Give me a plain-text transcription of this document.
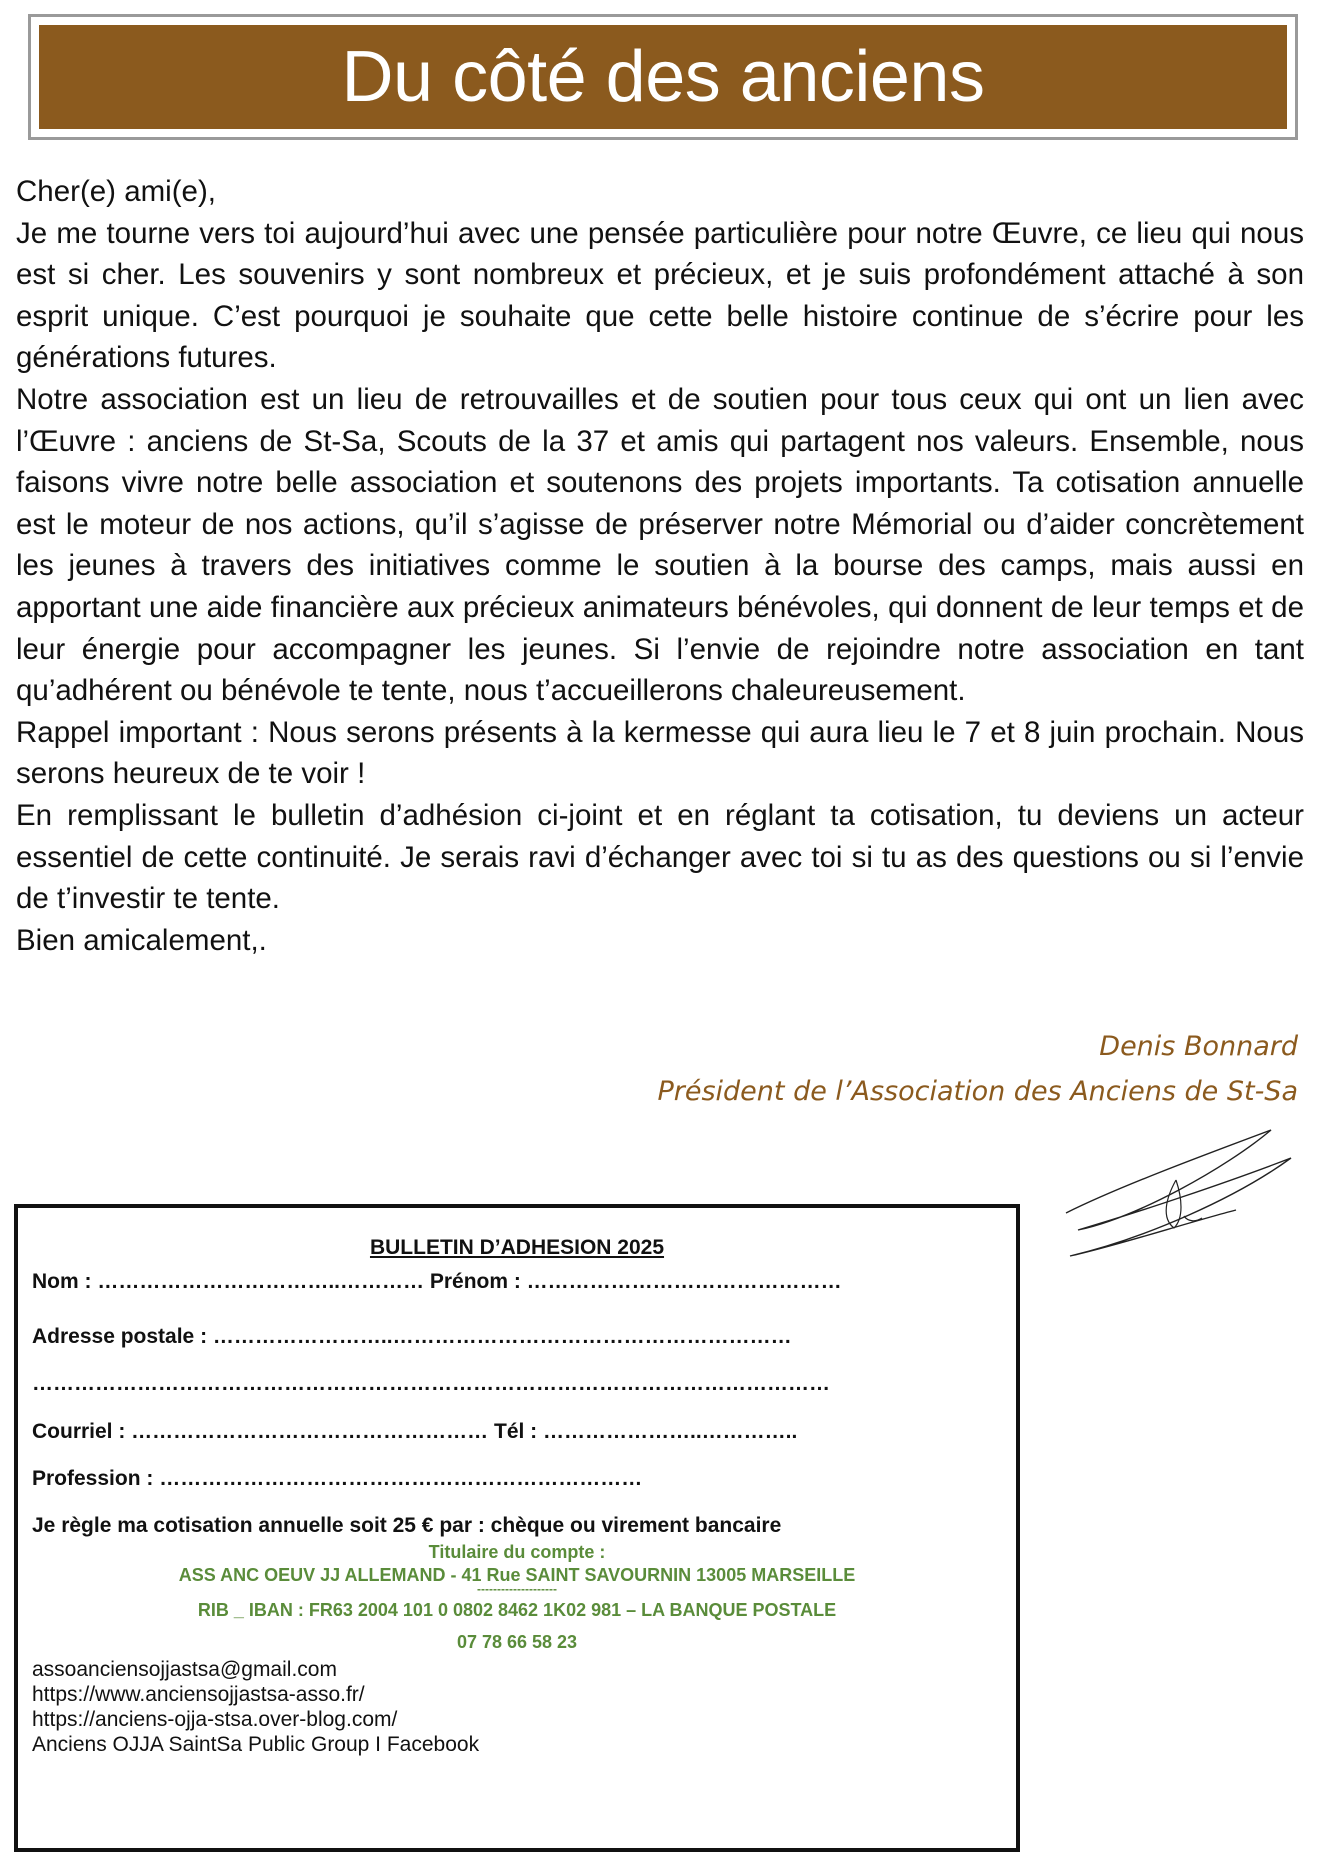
Du côté des anciens

Cher(e) ami(e),

Je me tourne vers toi aujourd’hui avec une pensée particulière pour notre Œuvre, ce lieu qui nous est si cher. Les souvenirs y sont nombreux et précieux, et je suis profondément attaché à son esprit unique. C’est pourquoi je souhaite que cette belle histoire continue de s’écrire pour les générations futures.

Notre association est un lieu de retrouvailles et de soutien pour tous ceux qui ont un lien avec l’Œuvre : anciens de St-Sa, Scouts de la 37 et amis qui partagent nos valeurs. Ensemble, nous faisons vivre notre belle association et soutenons des projets importants. Ta cotisation annuelle est le moteur de nos actions, qu’il s’agisse de préserver notre Mémorial ou d’aider concrètement les jeunes à travers des initiatives comme le soutien à la bourse des camps, mais aussi en apportant une aide financière aux précieux animateurs bénévoles, qui donnent de leur temps et de leur énergie pour accompagner les jeunes. Si l’envie de rejoindre notre association en tant qu’adhérent ou bénévole te tente, nous t’accueillerons chaleureusement.

Rappel important : Nous serons présents à la kermesse qui aura lieu le 7 et 8 juin prochain. Nous serons heureux de te voir !

En remplissant le bulletin d’adhésion ci-joint et en réglant ta cotisation, tu deviens un acteur essentiel de cette continuité. Je serais ravi d’échanger avec toi si tu as des questions ou si l’envie de t’investir te tente.

Bien amicalement,.

Denis Bonnard
Président de l’Association des Anciens de St-Sa
BULLETIN D’ADHESION 2025
Nom : ……………………………..………… Prénom : ………………………………………
Adresse postale : ……………………..…………………………………………………
……………………………………………………………………………………………………
Courriel : …………………………………………… Tél : …………………..…………..
Profession : ……………………………………………………………
Je règle ma cotisation annuelle soit 25 € par : chèque ou virement bancaire
Titulaire du compte :
ASS ANC OEUV JJ ALLEMAND - 41 Rue SAINT SAVOURNIN 13005 MARSEILLE
--------------------
RIB _ IBAN : FR63 2004 101 0 0802 8462 1K02 981 – LA BANQUE POSTALE
07 78 66 58 23
assoanciensojjastsa@gmail.com
https://www.anciensojjastsa-asso.fr/
https://anciens-ojja-stsa.over-blog.com/
Anciens OJJA SaintSa Public Group I Facebook
